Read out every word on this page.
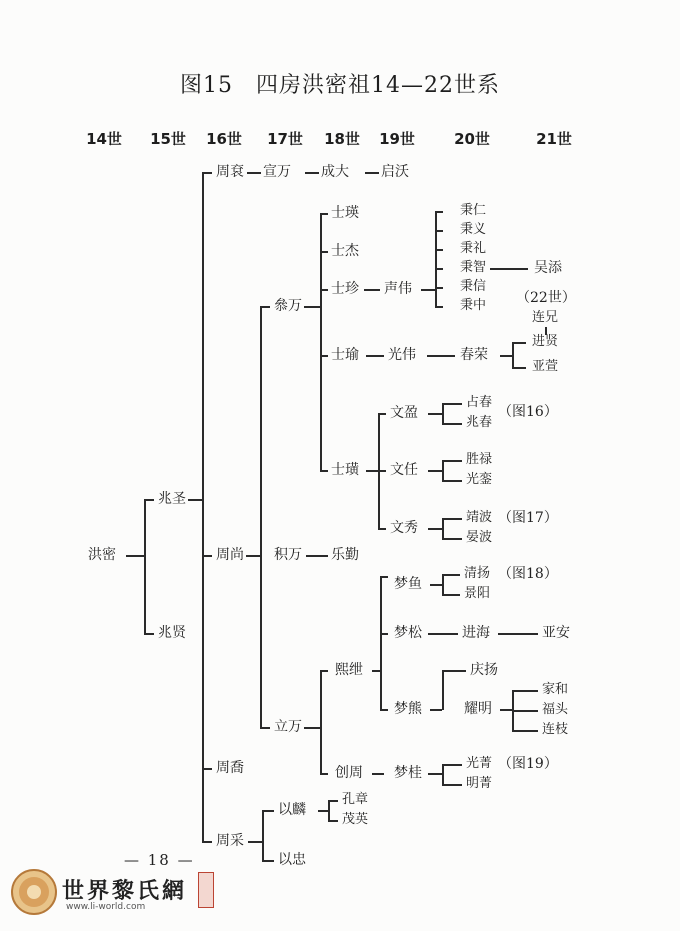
图15　四房洪密祖14—22世系
14世 15世 16世 17世 18世 19世	20世	21世
洪密
兆圣
兆贤
周袞
周尚
周喬
周采
宣万 成大 启沃
叅万
士瑛
士杰
士珍 声伟
秉仁
秉义
秉礼
秉智
秉信
秉中
吴添
（22世）
连兄
进贤
亚萱
士瑜 光伟	春荣
士璜
文盈
占春
兆春
（图16）
文任
胜禄
光銮
文秀
靖波
晏波
（图17）
积万 乐勤
立万
熙绁
梦鱼
清扬
景阳
（图18）
梦松	进海	亚安
梦熊
庆扬
耀明
家和
福头
连枝
创周 梦桂
光菁
明菁
（图19）
以麟
孔章
茂英
以忠
— 18 —
世界黎氏網
www.li-world.com
